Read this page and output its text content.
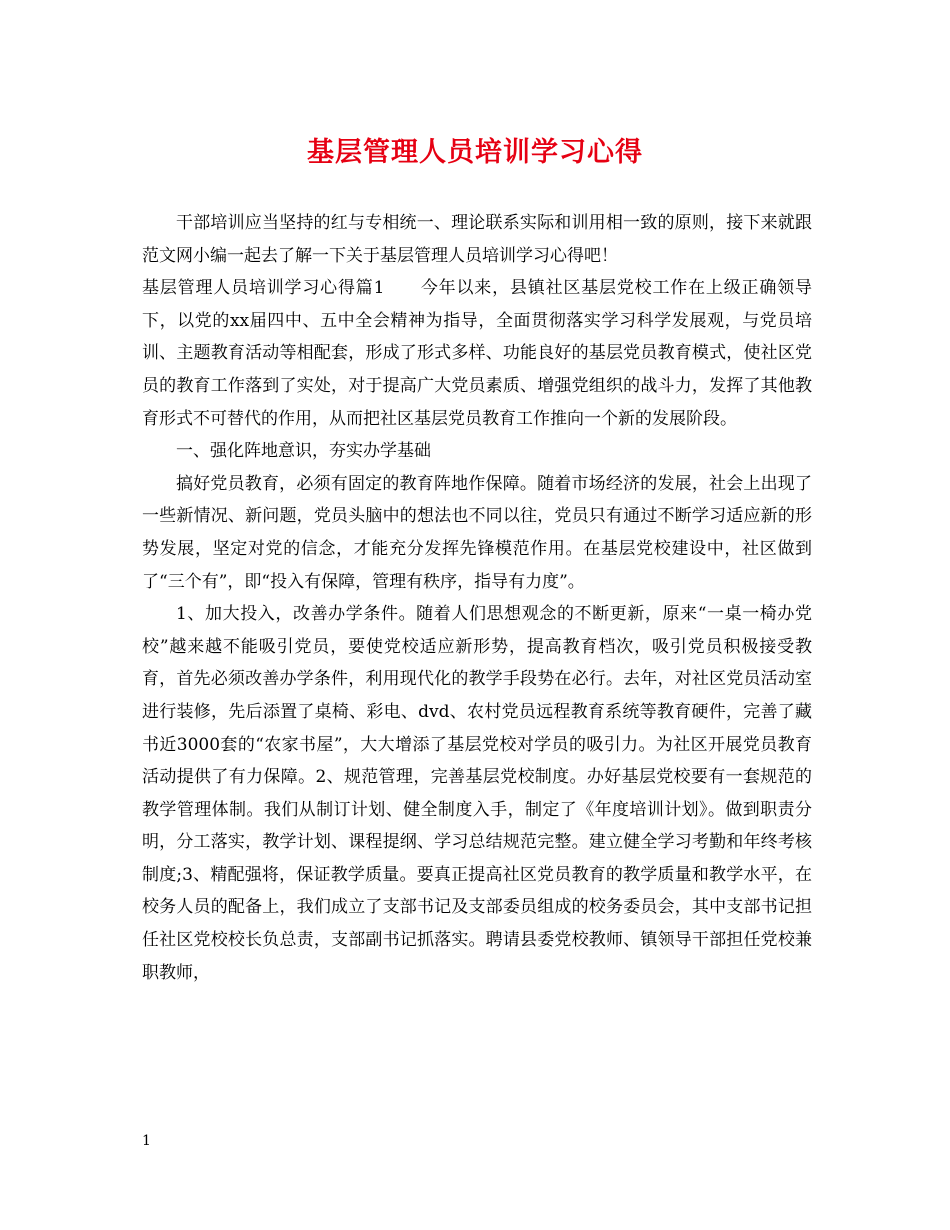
基层管理人员培训学习心得

干部培训应当坚持的红与专相统一、理论联系实际和训用相一致的原则，接下来就跟范文网小编一起去了解一下关于基层管理人员培训学习心得吧！

基层管理人员培训学习心得篇1　　今年以来，县镇社区基层党校工作在上级正确领导下，以党的xx届四中、五中全会精神为指导，全面贯彻落实学习科学发展观，与党员培训、主题教育活动等相配套，形成了形式多样、功能良好的基层党员教育模式，使社区党员的教育工作落到了实处，对于提高广大党员素质、增强党组织的战斗力，发挥了其他教育形式不可替代的作用，从而把社区基层党员教育工作推向一个新的发展阶段。

一、强化阵地意识，夯实办学基础

搞好党员教育，必须有固定的教育阵地作保障。随着市场经济的发展，社会上出现了一些新情况、新问题，党员头脑中的想法也不同以往，党员只有通过不断学习适应新的形势发展，坚定对党的信念，才能充分发挥先锋模范作用。在基层党校建设中，社区做到了“三个有”，即“投入有保障，管理有秩序，指导有力度”。

1、加大投入，改善办学条件。随着人们思想观念的不断更新，原来“一桌一椅办党校”越来越不能吸引党员，要使党校适应新形势，提高教育档次，吸引党员积极接受教育，首先必须改善办学条件，利用现代化的教学手段势在必行。去年，对社区党员活动室进行装修，先后添置了桌椅、彩电、dvd、农村党员远程教育系统等教育硬件，完善了藏书近3000套的“农家书屋”，大大增添了基层党校对学员的吸引力。为社区开展党员教育活动提供了有力保障。2、规范管理，完善基层党校制度。办好基层党校要有一套规范的教学管理体制。我们从制订计划、健全制度入手，制定了《年度培训计划》。做到职责分明，分工落实，教学计划、课程提纲、学习总结规范完整。建立健全学习考勤和年终考核制度;3、精配强将，保证教学质量。要真正提高社区党员教育的教学质量和教学水平，在校务人员的配备上，我们成立了支部书记及支部委员组成的校务委员会，其中支部书记担任社区党校校长负总责，支部副书记抓落实。聘请县委党校教师、镇领导干部担任党校兼职教师，

1
